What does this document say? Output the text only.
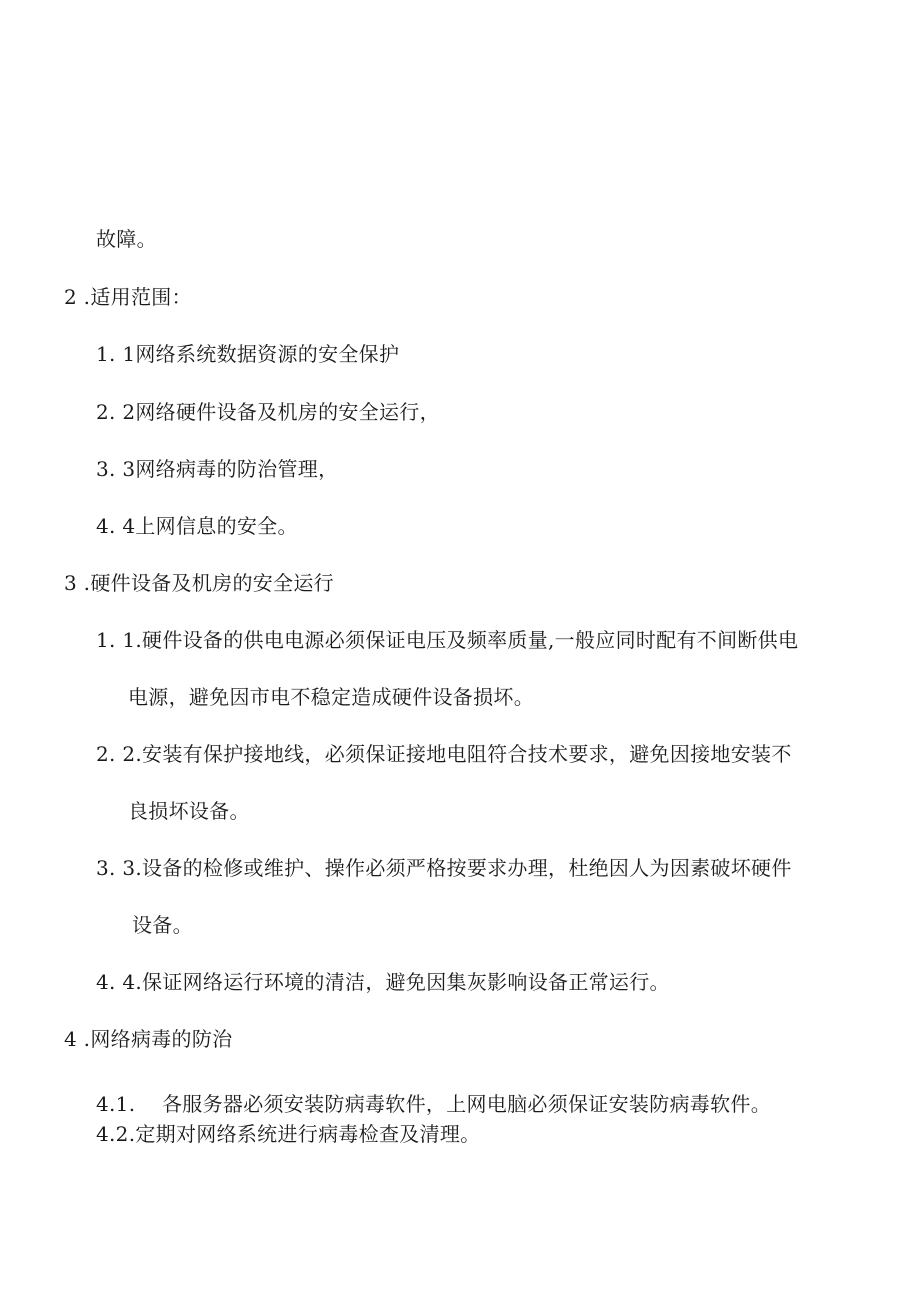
故障。
2 .适用范围：
1. 1网络系统数据资源的安全保护
2. 2网络硬件设备及机房的安全运行，
3. 3网络病毒的防治管理，
4. 4上网信息的安全。
3 .硬件设备及机房的安全运行
1. 1.硬件设备的供电电源必须保证电压及频率质量,一般应同时配有不间断供电
电源，避免因市电不稳定造成硬件设备损坏。
2. 2.安装有保护接地线，必须保证接地电阻符合技术要求，避免因接地安装不
良损坏设备。
3. 3.设备的检修或维护、操作必须严格按要求办理，杜绝因人为因素破坏硬件
设备。
4. 4.保证网络运行环境的清洁，避免因集灰影响设备正常运行。
4 .网络病毒的防治
4.1.    各服务器必须安装防病毒软件，上网电脑必须保证安装防病毒软件。
4.2.定期对网络系统进行病毒检查及清理。
